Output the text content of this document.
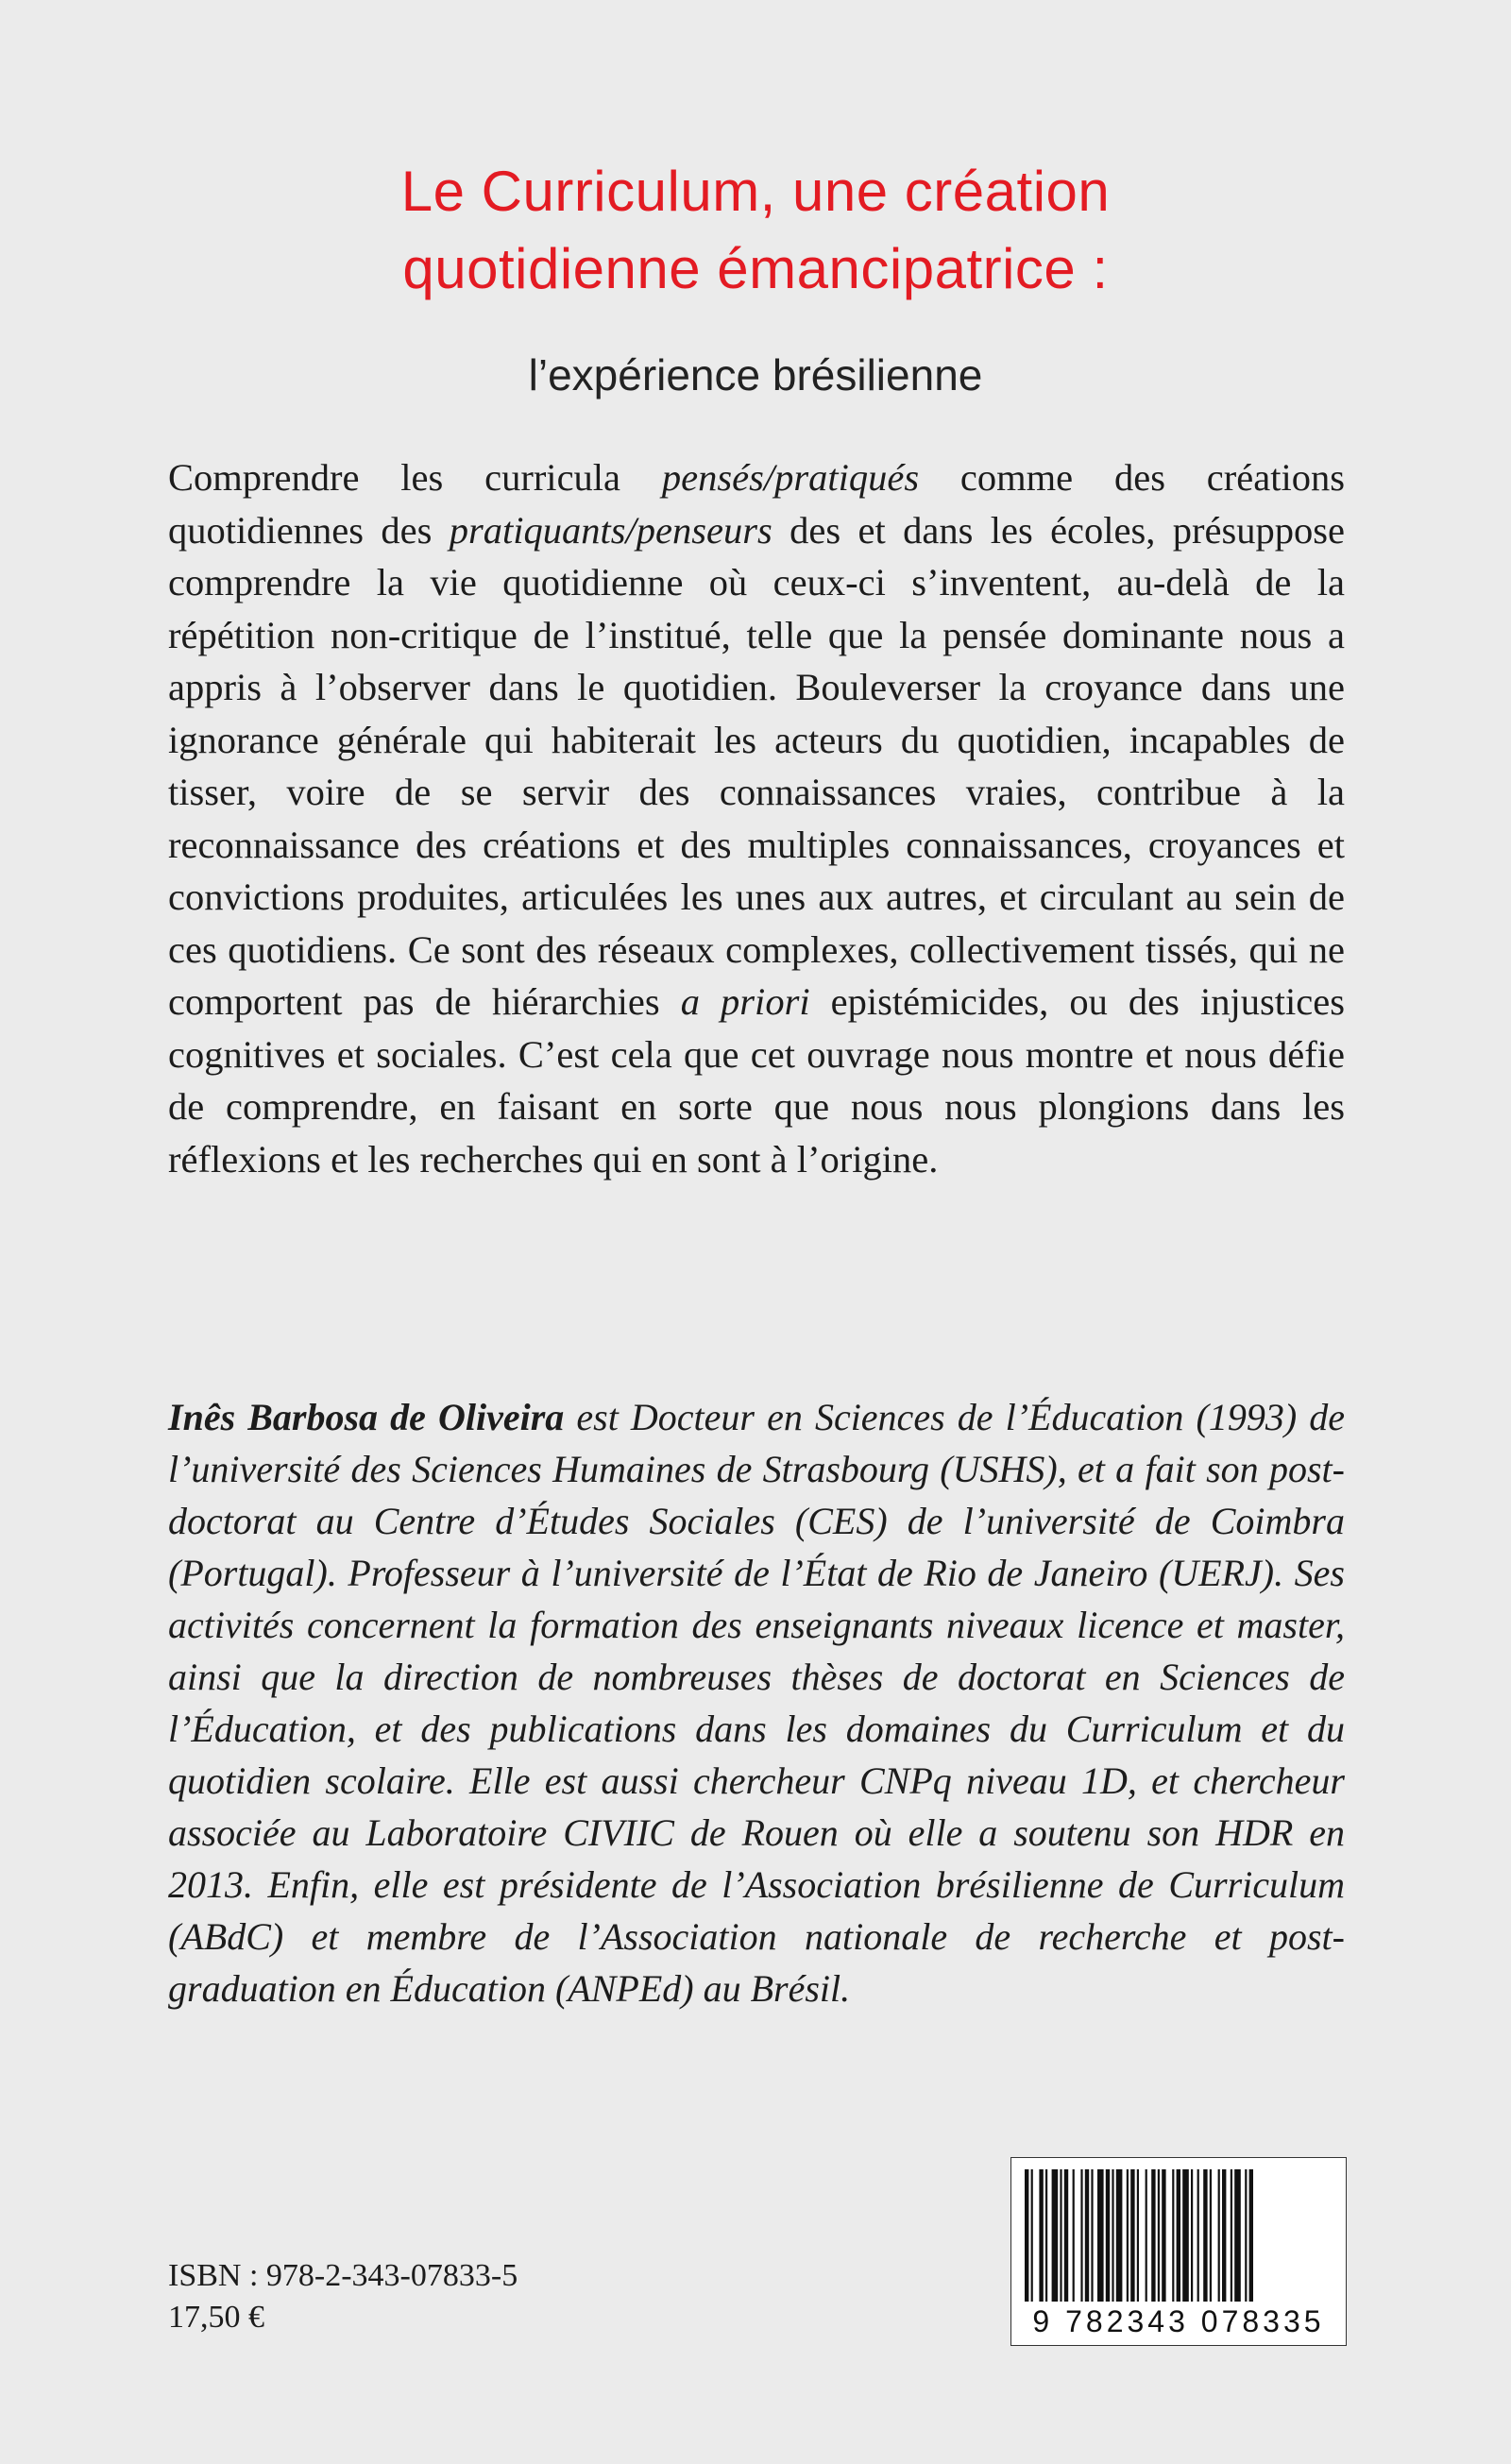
Le Curriculum, une création
quotidienne émancipatrice :
l’expérience brésilienne

Comprendre les curricula pensés/pratiqués comme des créations quotidiennes des pratiquants/penseurs des et dans les écoles, présuppose comprendre la vie quotidienne où ceux-ci s’inventent, au-delà de la répétition non-critique de l’institué, telle que la pensée dominante nous a appris à l’observer dans le quotidien. Bouleverser la croyance dans une ignorance générale qui habiterait les acteurs du quotidien, incapables de tisser, voire de se servir des connaissances vraies, contribue à la reconnaissance des créations et des multiples connaissances, croyances et convictions produites, articulées les unes aux autres, et circulant au sein de ces quotidiens. Ce sont des réseaux complexes, collectivement tissés, qui ne comportent pas de hiérarchies a priori epistémicides, ou des injustices cognitives et sociales. C’est cela que cet ouvrage nous montre et nous défie de comprendre, en faisant en sorte que nous nous plongions dans les réflexions et les recherches qui en sont à l’origine.

Inês Barbosa de Oliveira est Docteur en Sciences de l’Éducation (1993) de l’université des Sciences Humaines de Strasbourg (USHS), et a fait son post-doctorat au Centre d’Études Sociales (CES) de l’université de Coimbra (Portugal). Professeur à l’université de l’État de Rio de Janeiro (UERJ). Ses activités concernent la formation des enseignants niveaux licence et master, ainsi que la direction de nombreuses thèses de doctorat en Sciences de l’Éducation, et des publications dans les domaines du Curriculum et du quotidien scolaire. Elle est aussi chercheur CNPq niveau 1D, et chercheur associée au Laboratoire CIVIIC de Rouen où elle a soutenu son HDR en 2013. Enfin, elle est présidente de l’Association brésilienne de Curriculum (ABdC) et membre de l’Association nationale de recherche et post-graduation en Éducation (ANPEd) au Brésil.

ISBN : 978-2-343-07833-5
17,50 €	9 782343 078335
